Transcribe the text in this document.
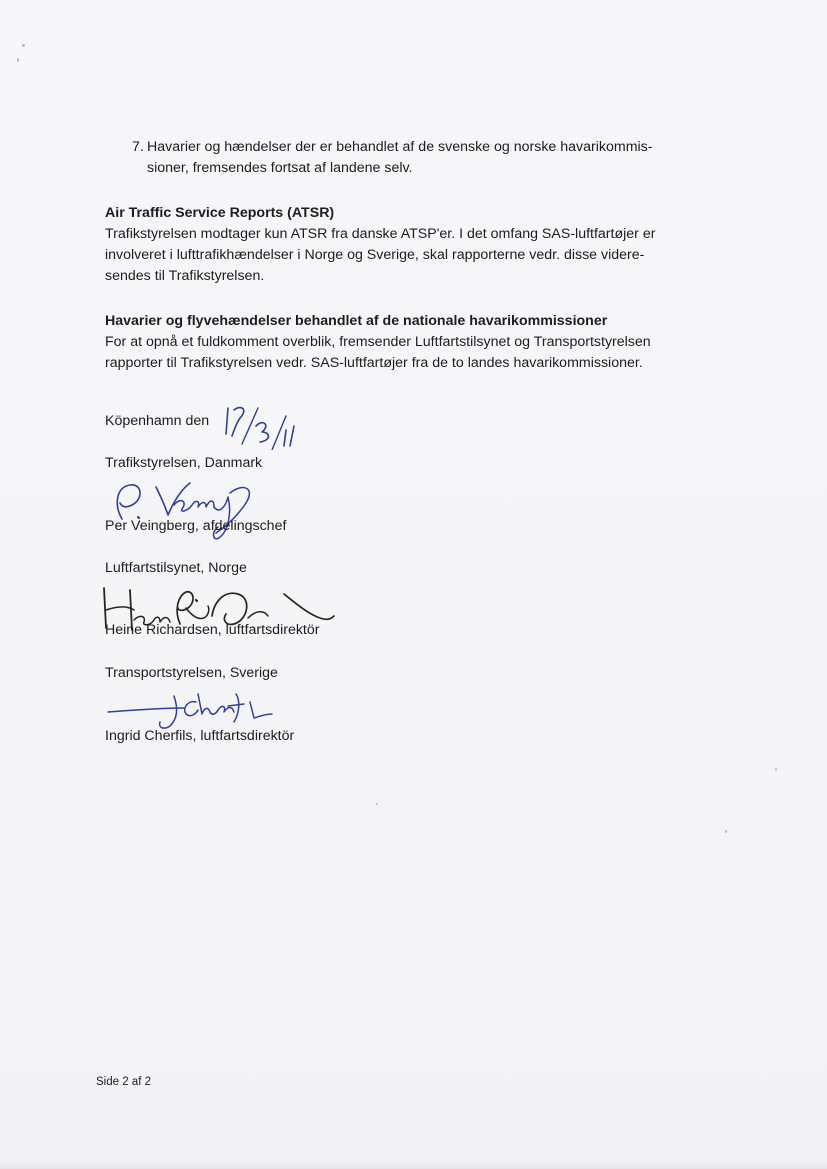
7. Havarier og hændelser der er behandlet af de svenske og norske havarikommis-
sioner, fremsendes fortsat af landene selv.
Air Traffic Service Reports (ATSR)

Trafikstyrelsen modtager kun ATSR fra danske ATSP'er. I det omfang SAS-luftfartøjer er
involveret i lufttrafikhændelser i Norge og Sverige, skal rapporterne vedr. disse videre-
sendes til Trafikstyrelsen.

Havarier og flyvehændelser behandlet af de nationale havarikommissioner

For at opnå et fuldkomment overblik, fremsender Luftfartstilsynet og Transportstyrelsen
rapporter til Trafikstyrelsen vedr. SAS-luftfartøjer fra de to landes havarikommissioner.

Köpenhamn den
Trafikstyrelsen, Danmark
Per Veingberg, afdelingschef
Luftfartstilsynet, Norge
Heine Richardsen, luftfartsdirektör
Transportstyrelsen, Sverige
Ingrid Cherfils, luftfartsdirektör
Side 2 af 2
